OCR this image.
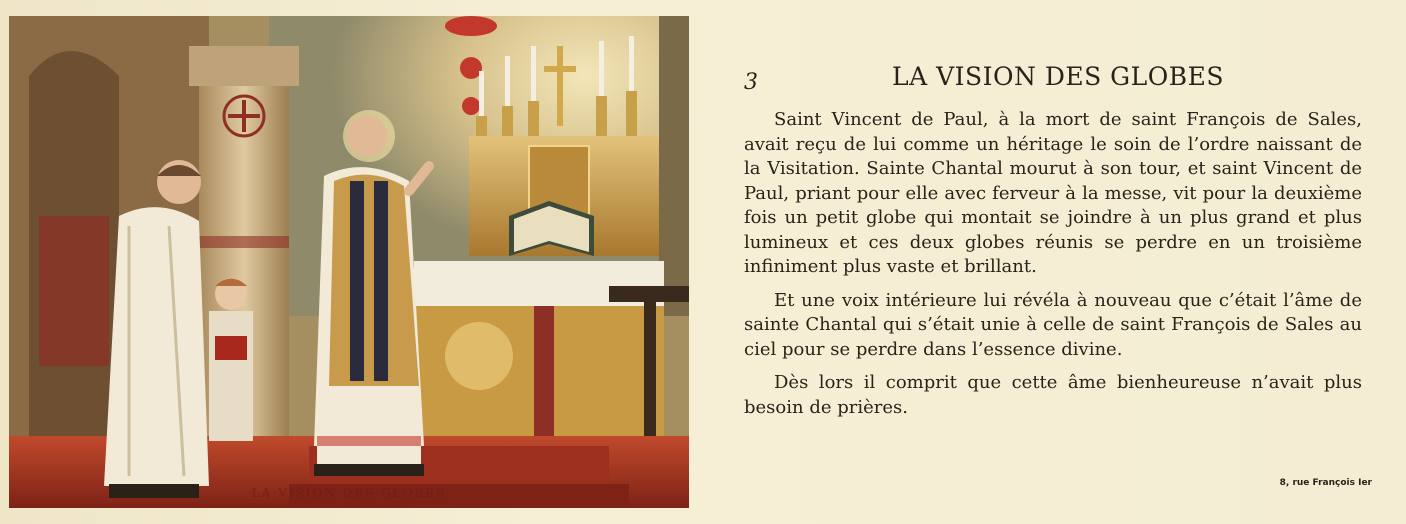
LA VISION DES GLOBES
3	LA VISION DES GLOBES

Saint Vincent de Paul, à la mort de saint François de Sales, avait reçu de lui comme un héritage le soin de l’ordre naissant de la Visitation. Sainte Chantal mourut à son tour, et saint Vincent de Paul, priant pour elle avec ferveur à la messe, vit pour la deuxième fois un petit globe qui montait se joindre à un plus grand et plus lumineux et ces deux globes réunis se perdre en un troisième infiniment plus vaste et brillant.

Et une voix intérieure lui révéla à nouveau que c’était l’âme de sainte Chantal qui s’était unie à celle de saint François de Sales au ciel pour se perdre dans l’essence divine.

Dès lors il comprit que cette âme bienheureuse n’avait plus besoin de prières.

8, rue François Ier
